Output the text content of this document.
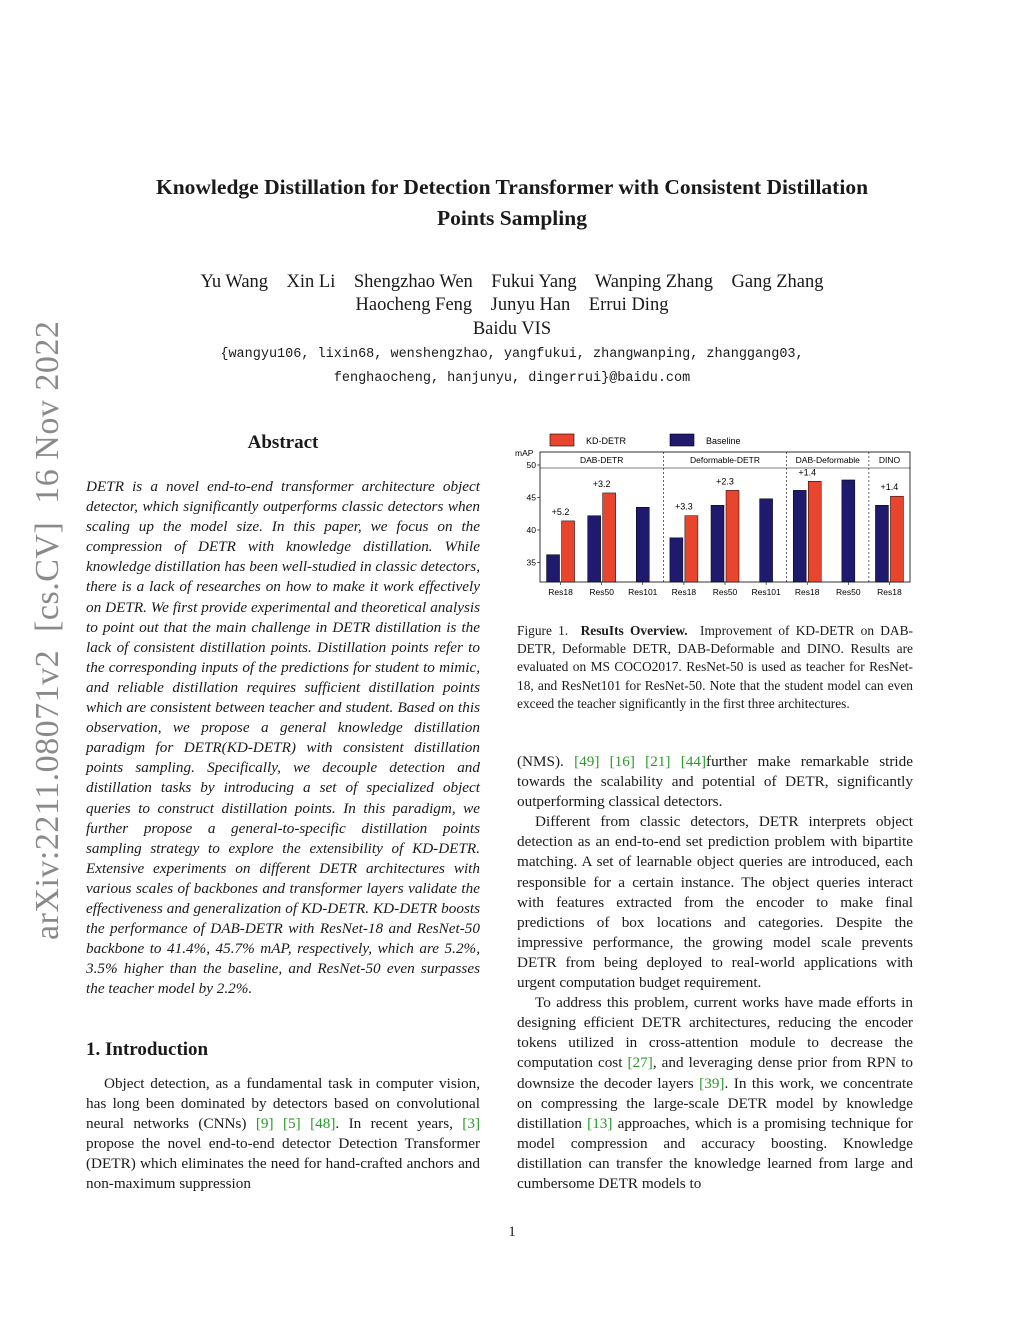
Knowledge Distillation for Detection Transformer with Consistent Distillation
Points Sampling
Yu Wang    Xin Li    Shengzhao Wen    Fukui Yang    Wanping Zhang    Gang Zhang
Haocheng Feng    Junyu Han    Errui Ding
Baidu VIS
{wangyu106, lixin68, wenshengzhao, yangfukui, zhangwanping, zhanggang03,
fenghaocheng, hanjunyu, dingerrui}@baidu.com
arXiv:2211.08071v2  [cs.CV]  16 Nov 2022	Abstract

DETR is a novel end-to-end transformer architecture object detector, which significantly outperforms classic detectors when scaling up the model size. In this paper, we focus on the compression of DETR with knowledge distillation. While knowledge distillation has been well-studied in classic detectors, there is a lack of researches on how to make it work effectively on DETR. We first provide experimental and theoretical analysis to point out that the main challenge in DETR distillation is the lack of consistent distillation points. Distillation points refer to the corresponding inputs of the predictions for student to mimic, and reliable distillation requires sufficient distillation points which are consistent between teacher and student. Based on this observation, we propose a general knowledge distillation paradigm for DETR(KD-DETR) with consistent distillation points sampling. Specifically, we decouple detection and distillation tasks by introducing a set of specialized object queries to construct distillation points. In this paradigm, we further propose a general-to-specific distillation points sampling strategy to explore the extensibility of KD-DETR. Extensive experiments on different DETR architectures with various scales of backbones and transformer layers validate the effectiveness and generalization of KD-DETR. KD-DETR boosts the performance of DAB-DETR with ResNet-18 and ResNet-50 backbone to 41.4%, 45.7% mAP, respectively, which are 5.2%, 3.5% higher than the baseline, and ResNet-50 even surpasses the teacher model by 2.2%.

1. Introduction

Object detection, as a fundamental task in computer vision, has long been dominated by detectors based on convolutional neural networks (CNNs) [9] [5] [48]. In recent years, [3] propose the novel end-to-end detector Detection Transformer (DETR) which eliminates the need for hand-crafted anchors and non-maximum suppression

KD-DETR	Baseline
mAP
35
40
45
50	DAB-DETR
+5.2
Res18
+3.2
Res50 Res101
Deformable-DETR
+3.3
Res18
+2.3
Res50 Res101
DAB-Deformable
+1.4
Res18 Res50
DINO
+1.4
Res18
Figure 1. ResuIts Overview. Improvement of KD-DETR on DAB-DETR, Deformable DETR, DAB-Deformable and DINO. Results are evaluated on MS COCO2017. ResNet-50 is used as teacher for ResNet-18, and ResNet101 for ResNet-50. Note that the student model can even exceed the teacher significantly in the first three architectures.

(NMS). [49] [16] [21] [44]further make remarkable stride towards the scalability and potential of DETR, significantly outperforming classical detectors.

Different from classic detectors, DETR interprets object detection as an end-to-end set prediction problem with bipartite matching. A set of learnable object queries are introduced, each responsible for a certain instance. The object queries interact with features extracted from the encoder to make final predictions of box locations and categories. Despite the impressive performance, the growing model scale prevents DETR from being deployed to real-world applications with urgent computation budget requirement.

To address this problem, current works have made efforts in designing efficient DETR architectures, reducing the encoder tokens utilized in cross-attention module to decrease the computation cost [27], and leveraging dense prior from RPN to downsize the decoder layers [39]. In this work, we concentrate on compressing the large-scale DETR model by knowledge distillation [13] approaches, which is a promising technique for model compression and accuracy boosting. Knowledge distillation can transfer the knowledge learned from large and cumbersome DETR models to

1
